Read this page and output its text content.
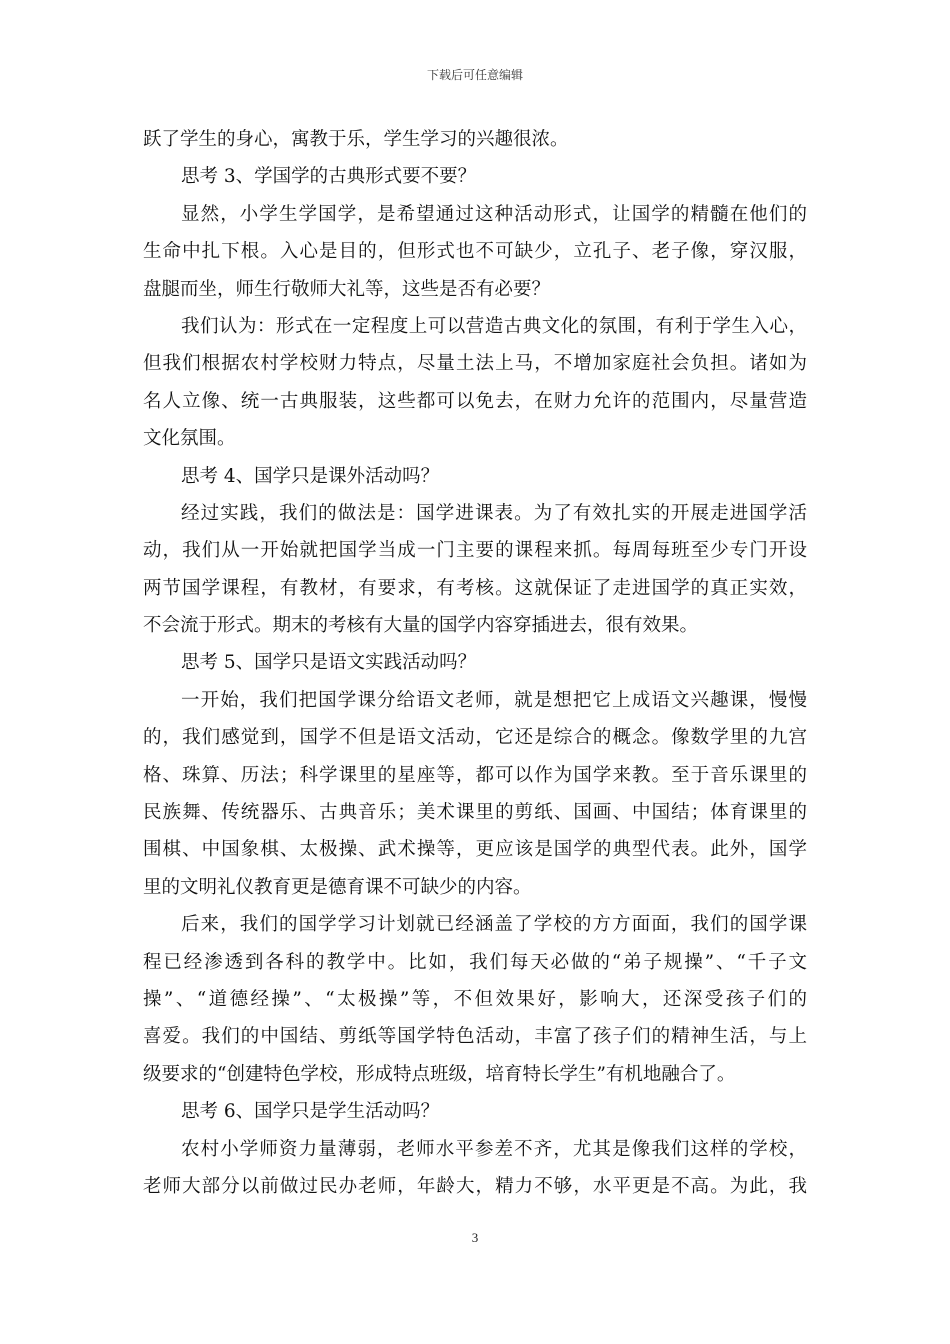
下载后可任意编辑
跃了学生的身心，寓教于乐，学生学习的兴趣很浓。
思考 3、学国学的古典形式要不要？
显然，小学生学国学，是希望通过这种活动形式，让国学的精髓在他们的
生命中扎下根。入心是目的，但形式也不可缺少，立孔子、老子像，穿汉服，
盘腿而坐，师生行敬师大礼等，这些是否有必要？
我们认为：形式在一定程度上可以营造古典文化的氛围，有利于学生入心，
但我们根据农村学校财力特点，尽量土法上马，不增加家庭社会负担。诸如为
名人立像、统一古典服装，这些都可以免去，在财力允许的范围内，尽量营造
文化氛围。
思考 4、国学只是课外活动吗？
经过实践，我们的做法是：国学进课表。为了有效扎实的开展走进国学活
动，我们从一开始就把国学当成一门主要的课程来抓。每周每班至少专门开设
两节国学课程，有教材，有要求，有考核。这就保证了走进国学的真正实效，
不会流于形式。期末的考核有大量的国学内容穿插进去，很有效果。
思考 5、国学只是语文实践活动吗？
一开始，我们把国学课分给语文老师，就是想把它上成语文兴趣课，慢慢
的，我们感觉到，国学不但是语文活动，它还是综合的概念。像数学里的九宫
格、珠算、历法；科学课里的星座等，都可以作为国学来教。至于音乐课里的
民族舞、传统器乐、古典音乐；美术课里的剪纸、国画、中国结；体育课里的
围棋、中国象棋、太极操、武术操等，更应该是国学的典型代表。此外，国学
里的文明礼仪教育更是德育课不可缺少的内容。
后来，我们的国学学习计划就已经涵盖了学校的方方面面，我们的国学课
程已经渗透到各科的教学中。比如，我们每天必做的“弟子规操”、“千子文
操”、“道德经操”、“太极操”等，不但效果好，影响大，还深受孩子们的
喜爱。我们的中国结、剪纸等国学特色活动，丰富了孩子们的精神生活，与上
级要求的“创建特色学校，形成特点班级，培育特长学生”有机地融合了。
思考 6、国学只是学生活动吗？
农村小学师资力量薄弱，老师水平参差不齐，尤其是像我们这样的学校，
老师大部分以前做过民办老师，年龄大，精力不够，水平更是不高。为此，我
3
